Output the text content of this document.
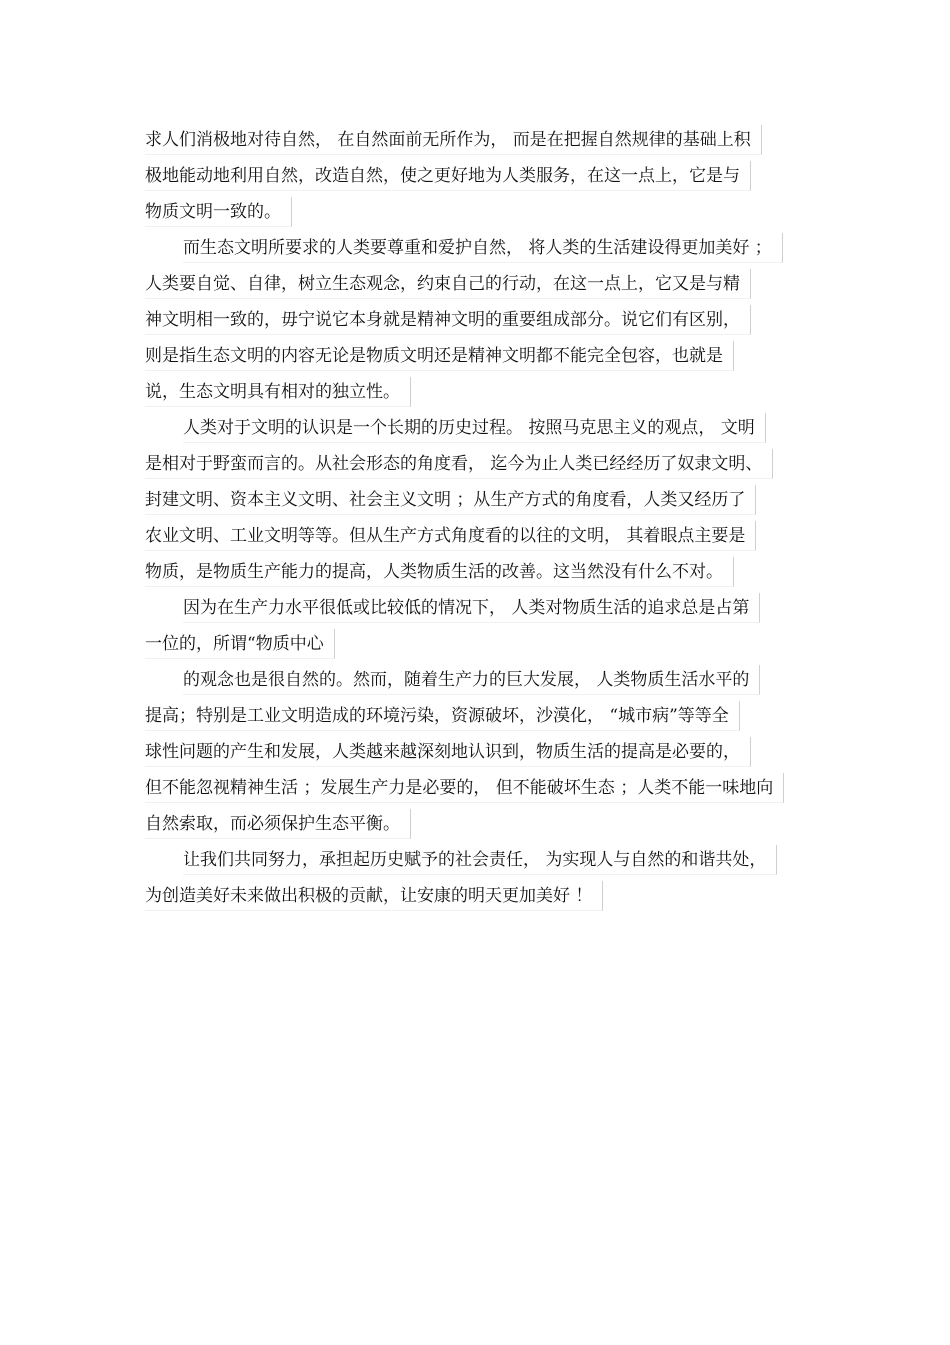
求人们消极地对待自然， 在自然面前无所作为， 而是在把握自然规律的基础上积
极地能动地利用自然，改造自然，使之更好地为人类服务，在这一点上，它是与
物质文明一致的。
而生态文明所要求的人类要尊重和爱护自然， 将人类的生活建设得更加美好 ；
人类要自觉、自律，树立生态观念，约束自己的行动，在这一点上，它又是与精
神文明相一致的，毋宁说它本身就是精神文明的重要组成部分。说它们有区别，
则是指生态文明的内容无论是物质文明还是精神文明都不能完全包容，也就是
说，生态文明具有相对的独立性。
人类对于文明的认识是一个长期的历史过程。 按照马克思主义的观点， 文明
是相对于野蛮而言的。从社会形态的角度看， 迄今为止人类已经经历了奴隶文明、
封建文明、资本主义文明、社会主义文明 ；从生产方式的角度看，人类又经历了
农业文明、工业文明等等。但从生产方式角度看的以往的文明， 其着眼点主要是
物质，是物质生产能力的提高，人类物质生活的改善。这当然没有什么不对。
因为在生产力水平很低或比较低的情况下， 人类对物质生活的追求总是占第
一位的，所谓“物质中心
的观念也是很自然的。然而，随着生产力的巨大发展， 人类物质生活水平的
提高；特别是工业文明造成的环境污染，资源破坏，沙漠化， “城市病”等等全
球性问题的产生和发展，人类越来越深刻地认识到，物质生活的提高是必要的，
但不能忽视精神生活 ；发展生产力是必要的， 但不能破坏生态 ；人类不能一味地向
自然索取，而必须保护生态平衡。
让我们共同努力，承担起历史赋予的社会责任， 为实现人与自然的和谐共处，
为创造美好未来做出积极的贡献，让安康的明天更加美好 ！
